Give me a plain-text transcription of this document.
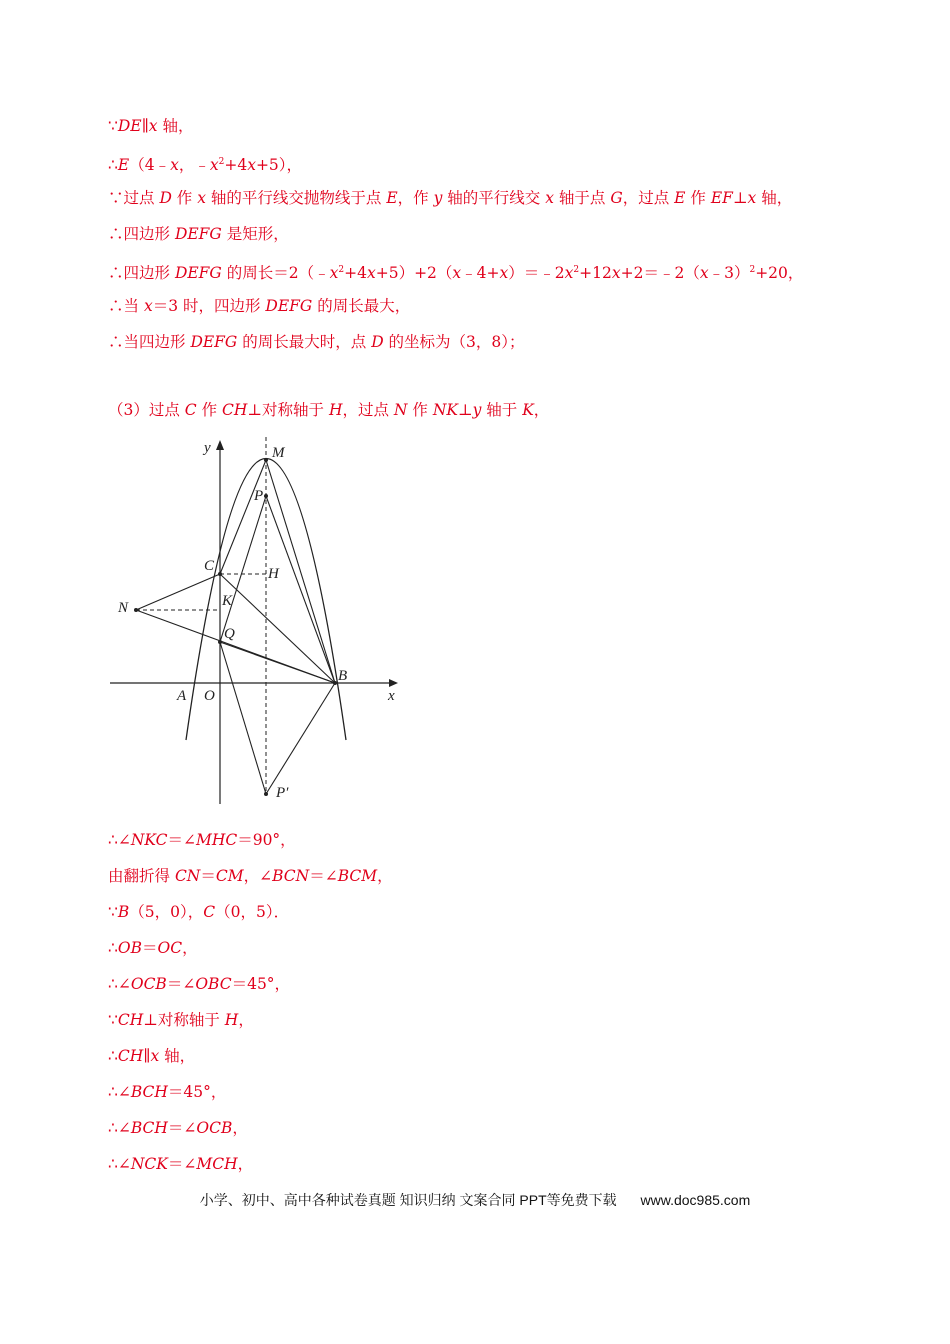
∵DE∥x 轴，
∴E（4﹣x，$﹣x^2+4x+5$），
∵过点 D 作 x 轴的平行线交抛物线于点 E，作 y 轴的平行线交 x 轴于点 G，过点 E 作 EF⊥x 轴，
∴四边形 DEFG 是矩形，
∴四边形 DEFG 的周长$=2(﹣x^2+4x+5)+2(x﹣4+x)=﹣2x^2+12x+2=﹣2(x﹣3)^2+20$，
∴当 x＝3 时，四边形 DEFG 的周长最大，
∴当四边形 DEFG 的周长最大时，点 D 的坐标为（3，8）；
（3）过点 C 作 CH⊥对称轴于 H，过点 N 作 NK⊥y 轴于 K，
y
x
M
P
C	H
N	K
Q
B
A O
P′
∴∠NKC＝∠MHC＝90°，
由翻折得 CN＝CM，∠BCN＝∠BCM，
∵B（5，0），C（0，5）．
∴OB＝OC，
∴∠OCB＝∠OBC＝45°，
∵CH⊥对称轴于 H，
∴CH∥x 轴，
∴∠BCH＝45°，
∴∠BCH＝∠OCB，
∴∠NCK＝∠MCH，
小学、初中、高中各种试卷真题 知识归纳 文案合同 PPT等免费下载 www.doc985.com
